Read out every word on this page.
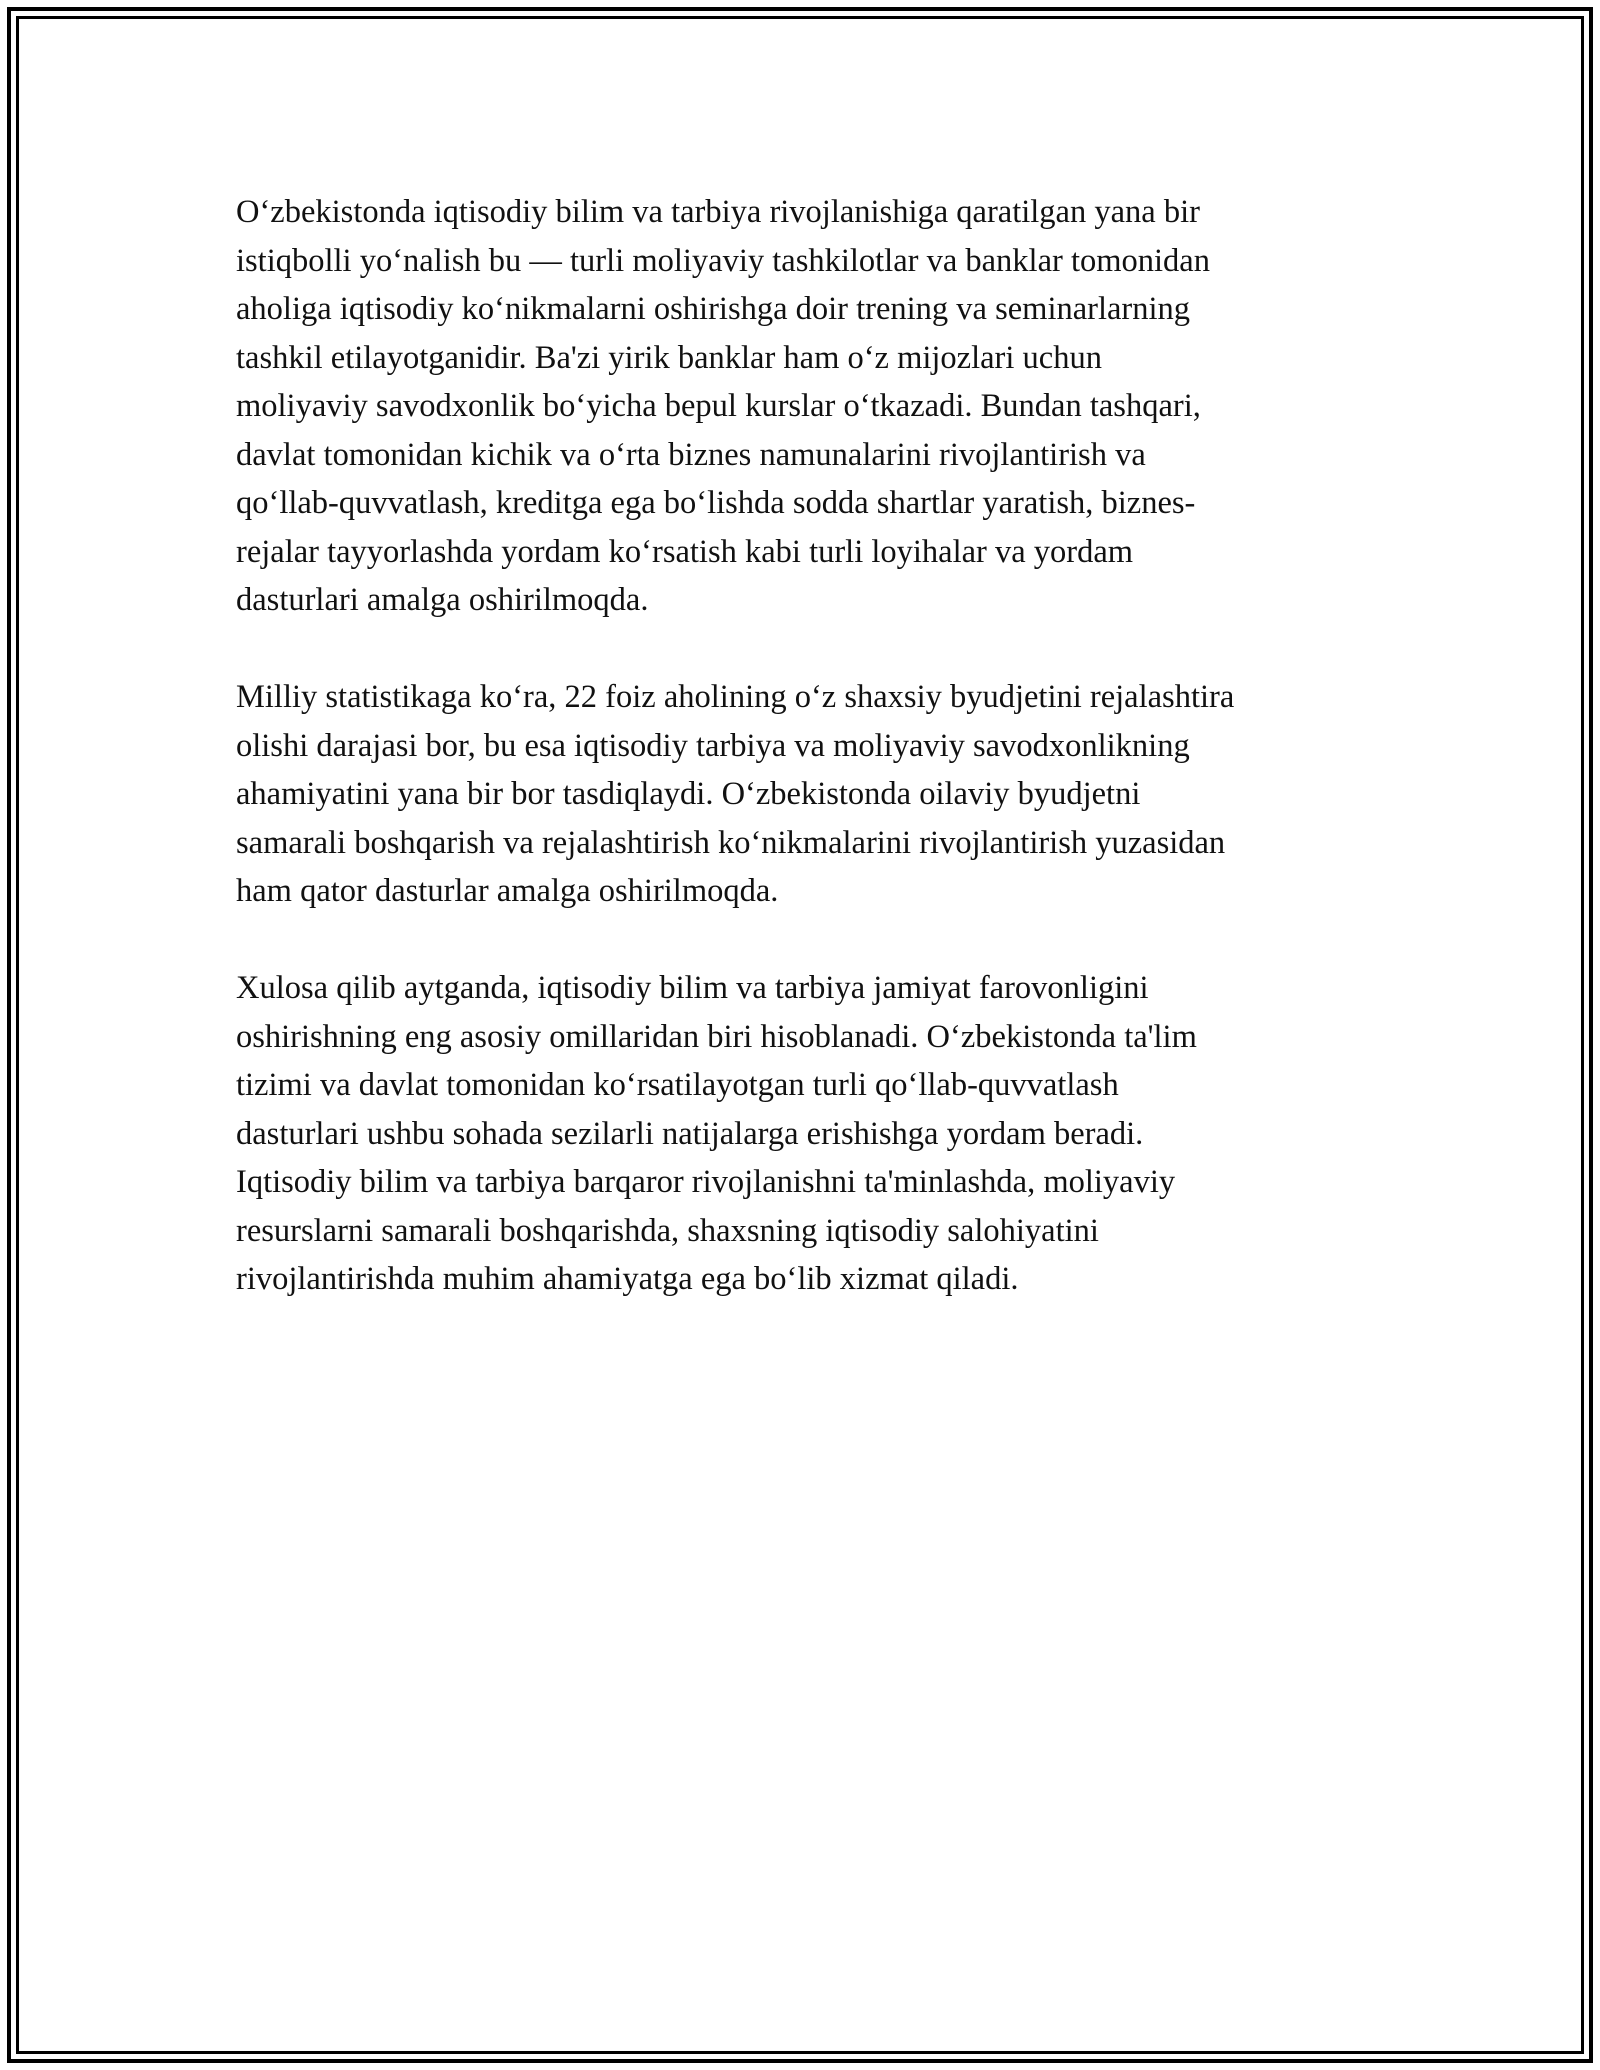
O‘zbekistonda iqtisodiy bilim va tarbiya rivojlanishiga qaratilgan yana bir
istiqbolli yo‘nalish bu — turli moliyaviy tashkilotlar va banklar tomonidan
aholiga iqtisodiy ko‘nikmalarni oshirishga doir trening va seminarlarning
tashkil etilayotganidir. Ba'zi yirik banklar ham o‘z mijozlari uchun
moliyaviy savodxonlik bo‘yicha bepul kurslar o‘tkazadi. Bundan tashqari,
davlat tomonidan kichik va o‘rta biznes namunalarini rivojlantirish va
qo‘llab-quvvatlash, kreditga ega bo‘lishda sodda shartlar yaratish, biznes-
rejalar tayyorlashda yordam ko‘rsatish kabi turli loyihalar va yordam
dasturlari amalga oshirilmoqda.

Milliy statistikaga ko‘ra, 22 foiz aholining o‘z shaxsiy byudjetini rejalashtira
olishi darajasi bor, bu esa iqtisodiy tarbiya va moliyaviy savodxonlikning
ahamiyatini yana bir bor tasdiqlaydi. O‘zbekistonda oilaviy byudjetni
samarali boshqarish va rejalashtirish ko‘nikmalarini rivojlantirish yuzasidan
ham qator dasturlar amalga oshirilmoqda.

Xulosa qilib aytganda, iqtisodiy bilim va tarbiya jamiyat farovonligini
oshirishning eng asosiy omillaridan biri hisoblanadi. O‘zbekistonda ta'lim
tizimi va davlat tomonidan ko‘rsatilayotgan turli qo‘llab-quvvatlash
dasturlari ushbu sohada sezilarli natijalarga erishishga yordam beradi.
Iqtisodiy bilim va tarbiya barqaror rivojlanishni ta'minlashda, moliyaviy
resurslarni samarali boshqarishda, shaxsning iqtisodiy salohiyatini
rivojlantirishda muhim ahamiyatga ega bo‘lib xizmat qiladi.
